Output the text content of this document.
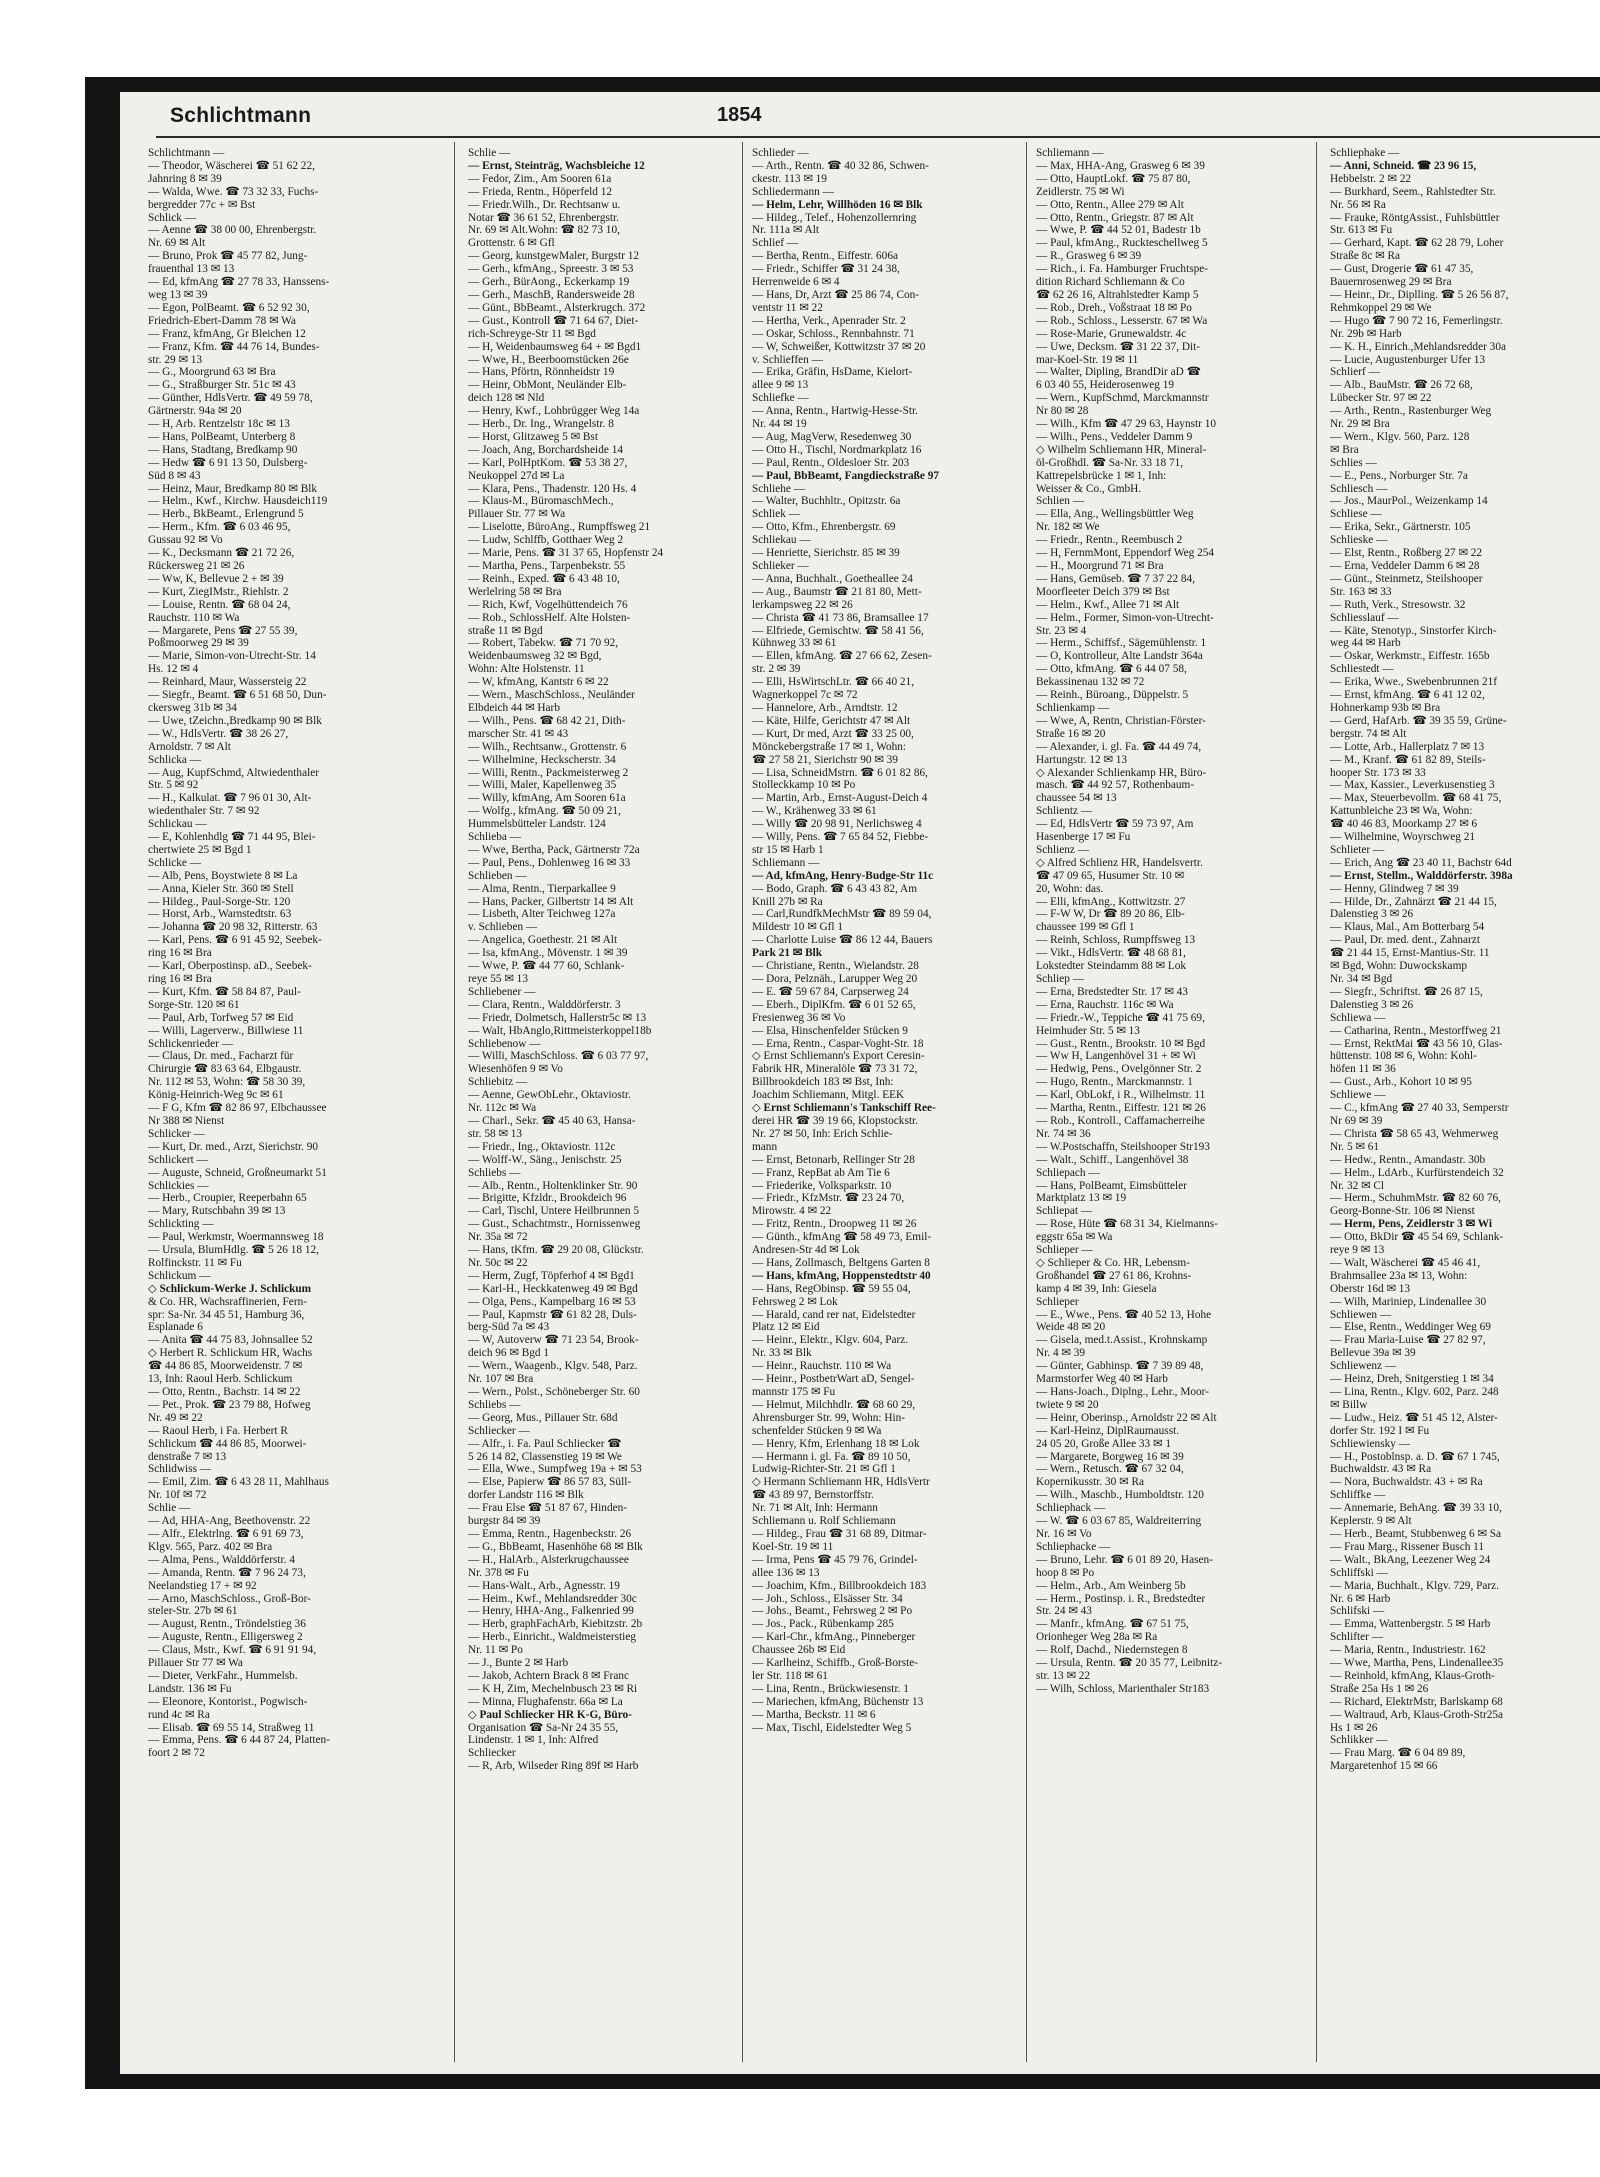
Schlichtmann	1854
Schlichtmann —
— Theodor, Wäscherei ☎ 51 62 22,
Jahnring 8 ✉ 39
— Walda, Wwe. ☎ 73 32 33, Fuchs-
bergredder 77c + ✉ Bst
Schlick —
— Aenne ☎ 38 00 00, Ehrenbergstr.
Nr. 69 ✉ Alt
— Bruno, Prok ☎ 45 77 82, Jung-
frauenthal 13 ✉ 13
— Ed, kfmAng ☎ 27 78 33, Hanssens-
weg 13 ✉ 39
— Egon, PolBeamt. ☎ 6 52 92 30,
Friedrich-Ebert-Damm 78 ✉ Wa
— Franz, kfmAng, Gr Bleichen 12
— Franz, Kfm. ☎ 44 76 14, Bundes-
str. 29 ✉ 13
— G., Moorgrund 63 ✉ Bra
— G., Straßburger Str. 51c ✉ 43
— Günther, HdlsVertr. ☎ 49 59 78,
Gärtnerstr. 94a ✉ 20
— H, Arb. Rentzelstr 18c ✉ 13
— Hans, PolBeamt, Unterberg 8
— Hans, Stadtang, Bredkamp 90
— Hedw ☎ 6 91 13 50, Dulsberg-
Süd 8 ✉ 43
— Heinz, Maur, Bredkamp 80 ✉ Blk
— Helm., Kwf., Kirchw. Hausdeich119
— Herb., BkBeamt., Erlengrund 5
— Herm., Kfm. ☎ 6 03 46 95,
Gussau 92 ✉ Vo
— K., Decksmann ☎ 21 72 26,
Rückersweg 21 ✉ 26
— Ww, K, Bellevue 2 + ✉ 39
— Kurt, ZiegIMstr., Riehlstr. 2
— Louise, Rentn. ☎ 68 04 24,
Rauchstr. 110 ✉ Wa
— Margarete, Pens ☎ 27 55 39,
Poßmoorweg 29 ✉ 39
— Marie, Simon-von-Utrecht-Str. 14
Hs. 12 ✉ 4
— Reinhard, Maur, Wassersteig 22
— Siegfr., Beamt. ☎ 6 51 68 50, Dun-
ckersweg 31b ✉ 34
— Uwe, tZeichn.,Bredkamp 90 ✉ Blk
— W., HdlsVertr. ☎ 38 26 27,
Arnoldstr. 7 ✉ Alt
Schlicka —
— Aug, KupfSchmd, Altwiedenthaler
Str. 5 ✉ 92
— H., Kalkulat. ☎ 7 96 01 30, Alt-
wiedenthaler Str. 7 ✉ 92
Schlickau —
— E, Kohlenhdlg ☎ 71 44 95, Blei-
chertwiete 25 ✉ Bgd 1
Schlicke —
— Alb, Pens, Boystwiete 8 ✉ La
— Anna, Kieler Str. 360 ✉ Stell
— Hildeg., Paul-Sorge-Str. 120
— Horst, Arb., Warnstedtstr. 63
— Johanna ☎ 20 98 32, Ritterstr. 63
— Karl, Pens. ☎ 6 91 45 92, Seebek-
ring 16 ✉ Bra
— Karl, Oberpostinsp. aD., Seebek-
ring 16 ✉ Bra
— Kurt, Kfm. ☎ 58 84 87, Paul-
Sorge-Str. 120 ✉ 61
— Paul, Arb, Torfweg 57 ✉ Eid
— Willi, Lagerverw., Billwiese 11
Schlickenrieder —
— Claus, Dr. med., Facharzt für
Chirurgie ☎ 83 63 64, Elbgaustr.
Nr. 112 ✉ 53, Wohn: ☎ 58 30 39,
König-Heinrich-Weg 9c ✉ 61
— F G, Kfm ☎ 82 86 97, Elbchaussee
Nr 388 ✉ Nienst
Schlicker —
— Kurt, Dr. med., Arzt, Sierichstr. 90
Schlickert —
— Auguste, Schneid, Großneumarkt 51
Schlickies —
— Herb., Croupier, Reeperbahn 65
— Mary, Rutschbahn 39 ✉ 13
Schlickting —
— Paul, Werkmstr, Woermannsweg 18
— Ursula, BlumHdlg. ☎ 5 26 18 12,
Rolfinckstr. 11 ✉ Fu
Schlickum —
◇ Schlickum-Werke J. Schlickum
& Co. HR, Wachsraffinerien, Fern-
spr: Sa-Nr. 34 45 51, Hamburg 36,
Esplanade 6
— Anita ☎ 44 75 83, Johnsallee 52
◇ Herbert R. Schlickum HR, Wachs
☎ 44 86 85, Moorweidenstr. 7 ✉
13, Inh: Raoul Herb. Schlickum
— Otto, Rentn., Bachstr. 14 ✉ 22
— Pet., Prok. ☎ 23 79 88, Hofweg
Nr. 49 ✉ 22
— Raoul Herb, i Fa. Herbert R
Schlickum ☎ 44 86 85, Moorwei-
denstraße 7 ✉ 13
Schlidwiss —
— Emil, Zim. ☎ 6 43 28 11, Mahlhaus
Nr. 10f ✉ 72
Schlie —
— Ad, HHA-Ang, Beethovenstr. 22
— Alfr., Elektrlng. ☎ 6 91 69 73,
Klgv. 565, Parz. 402 ✉ Bra
— Alma, Pens., Walddörferstr. 4
— Amanda, Rentn. ☎ 7 96 24 73,
Neelandstieg 17 + ✉ 92
— Arno, MaschSchloss., Groß-Bor-
steler-Str. 27b ✉ 61
— August, Rentn., Tröndelstieg 36
— Auguste, Rentn., Elligersweg 2
— Claus, Mstr., Kwf. ☎ 6 91 91 94,
Pillauer Str 77 ✉ Wa
— Dieter, VerkFahr., Hummelsb.
Landstr. 136 ✉ Fu
— Eleonore, Kontorist., Pogwisch-
rund 4c ✉ Ra
— Elisab. ☎ 69 55 14, Straßweg 11
— Emma, Pens. ☎ 6 44 87 24, Platten-
foort 2 ✉ 72
Schlie —
— Ernst, Steinträg, Wachsbleiche 12
— Fedor, Zim., Am Sooren 61a
— Frieda, Rentn., Höperfeld 12
— Friedr.Wilh., Dr. Rechtsanw u.
Notar ☎ 36 61 52, Ehrenbergstr.
Nr. 69 ✉ Alt.Wohn: ☎ 82 73 10,
Grottenstr. 6 ✉ Gfl
— Georg, kunstgewMaler, Burgstr 12
— Gerh., kfmAng., Spreestr. 3 ✉ 53
— Gerh., BürAong., Eckerkamp 19
— Gerh., MaschB, Randersweide 28
— Günt., BbBeamt., Alsterkrugch. 372
— Gust., Kontroll ☎ 71 64 67, Diet-
rich-Schreyge-Str 11 ✉ Bgd
— H, Weidenbaumsweg 64 + ✉ Bgd1
— Wwe, H., Beerboomstücken 26e
— Hans, Pförtn, Rönnheidstr 19
— Heinr, ObMont, Neuländer Elb-
deich 128 ✉ Nld
— Henry, Kwf., Lohbrügger Weg 14a
— Herb., Dr. Ing., Wrangelstr. 8
— Horst, Glitzaweg 5 ✉ Bst
— Joach, Ang, Borchardsheide 14
— Karl, PolHptKom. ☎ 53 38 27,
Neukoppel 27d ✉ La
— Klara, Pens., Thadenstr. 120 Hs. 4
— Klaus-M., BüromaschMech.,
Pillauer Str. 77 ✉ Wa
— Liselotte, BüroAng., Rumpffsweg 21
— Ludw, Schlffb, Gotthaer Weg 2
— Marie, Pens. ☎ 31 37 65, Hopfenstr 24
— Martha, Pens., Tarpenbekstr. 55
— Reinh., Exped. ☎ 6 43 48 10,
Werlelring 58 ✉ Bra
— Rich, Kwf, Vogelhüttendeich 76
— Rob., SchlossHelf. Alte Holsten-
straße 11 ✉ Bgd
— Robert, Tabekw. ☎ 71 70 92,
Weidenbaumsweg 32 ✉ Bgd,
Wohn: Alte Holstenstr. 11
— W, kfmAng, Kantstr 6 ✉ 22
— Wern., MaschSchloss., Neuländer
Elbdeich 44 ✉ Harb
— Wilh., Pens. ☎ 68 42 21, Dith-
marscher Str. 41 ✉ 43
— Wilh., Rechtsanw., Grottenstr. 6
— Wilhelmine, Heckscherstr. 34
— Willi, Rentn., Packmeisterweg 2
— Willi, Maler, Kapellenweg 35
— Willy, kfmAng, Am Sooren 61a
— Wolfg., kfmAng. ☎ 50 09 21,
Hummelsbütteler Landstr. 124
Schlieba —
— Wwe, Bertha, Pack, Gärtnerstr 72a
— Paul, Pens., Dohlenweg 16 ✉ 33
Schlieben —
— Alma, Rentn., Tierparkallee 9
— Hans, Packer, Gilbertstr 14 ✉ Alt
— Lisbeth, Alter Teichweg 127a
v. Schlieben —
— Angelica, Goethestr. 21 ✉ Alt
— Isa, kfmAng., Mövenstr. 1 ✉ 39
— Wwe, P. ☎ 44 77 60, Schlank-
reye 55 ✉ 13
Schliebener —
— Clara, Rentn., Walddörferstr. 3
— Friedr, Dolmetsch, Hallerstr5c ✉ 13
— Walt, HbAnglo,Rittmeisterkoppel18b
Schliebenow —
— Willi, MaschSchloss. ☎ 6 03 77 97,
Wiesenhöfen 9 ✉ Vo
Schliebitz —
— Aenne, GewObLehr., Oktaviostr.
Nr. 112c ✉ Wa
— Charl., Sekr. ☎ 45 40 63, Hansa-
str. 58 ✉ 13
— Friedr., Ing., Oktaviostr. 112c
— Wolff-W., Säng., Jenischstr. 25
Schliebs —
— Alb., Rentn., Holtenklinker Str. 90
— Brigitte, Kfzldr., Brookdeich 96
— Carl, Tischl, Untere Heilbrunnen 5
— Gust., Schachtmstr., Hornissenweg
Nr. 35a ✉ 72
— Hans, tKfm. ☎ 29 20 08, Glückstr.
Nr. 50c ✉ 22
— Herm, Zugf, Töpferhof 4 ✉ Bgd1
— Karl-H., Heckkatenweg 49 ✉ Bgd
— Olga, Pens., Kampelbarg 16 ✉ 53
— Paul, Kapmstr ☎ 61 82 28, Duls-
berg-Süd 7a ✉ 43
— W, Autoverw ☎ 71 23 54, Brook-
deich 96 ✉ Bgd 1
— Wern., Waagenb., Klgv. 548, Parz.
Nr. 107 ✉ Bra
— Wern., Polst., Schöneberger Str. 60
Schliebs —
— Georg, Mus., Pillauer Str. 68d
Schliecker —
— Alfr., i. Fa. Paul Schliecker ☎
5 26 14 82, Classenstieg 19 ✉ We
— Ella, Wwe., Sumpfweg 19a + ✉ 53
— Else, Papierw ☎ 86 57 83, Süll-
dorfer Landstr 116 ✉ Blk
— Frau Else ☎ 51 87 67, Hinden-
burgstr 84 ✉ 39
— Emma, Rentn., Hagenbeckstr. 26
— G., BbBeamt, Hasenhöhe 68 ✉ Blk
— H., HalArb., Alsterkrugchaussee
Nr. 378 ✉ Fu
— Hans-Walt., Arb., Agnesstr. 19
— Heim., Kwf., Mehlandsredder 30c
— Henry, HHA-Ang., Falkenried 99
— Herb, graphFachArb, Kiebitzstr. 2b
— Herb., Einricht., Waldmeisterstieg
Nr. 11 ✉ Po
— J., Bunte 2 ✉ Harb
— Jakob, Achtern Brack 8 ✉ Franc
— K H, Zim, Mechelnbusch 23 ✉ Ri
— Minna, Flughafenstr. 66a ✉ La
◇ Paul Schliecker HR K-G, Büro-
Organisation ☎ Sa-Nr 24 35 55,
Lindenstr. 1 ✉ 1, Inh: Alfred
Schliecker
— R, Arb, Wilseder Ring 89f ✉ Harb
Schlieder —
— Arth., Rentn. ☎ 40 32 86, Schwen-
ckestr. 113 ✉ 19
Schliedermann —
— Helm, Lehr, Willhöden 16 ✉ Blk
— Hildeg., Telef., Hohenzollernring
Nr. 111a ✉ Alt
Schlief —
— Bertha, Rentn., Eiffestr. 606a
— Friedr., Schiffer ☎ 31 24 38,
Herrenweide 6 ✉ 4
— Hans, Dr, Arzt ☎ 25 86 74, Con-
ventstr 11 ✉ 22
— Hertha, Verk., Apenrader Str. 2
— Oskar, Schloss., Rennbahnstr. 71
— W, Schweißer, Kottwitzstr 37 ✉ 20
v. Schlieffen —
— Erika, Gräfin, HsDame, Kielort-
allee 9 ✉ 13
Schliefke —
— Anna, Rentn., Hartwig-Hesse-Str.
Nr. 44 ✉ 19
— Aug, MagVerw, Resedenweg 30
— Otto H., Tischl, Nordmarkplatz 16
— Paul, Rentn., Oldesloer Str. 203
— Paul, BbBeamt, Fangdieckstraße 97
Schliehe —
— Walter, Buchhltr., Opitzstr. 6a
Schliek —
— Otto, Kfm., Ehrenbergstr. 69
Schliekau —
— Henriette, Sierichstr. 85 ✉ 39
Schlieker —
— Anna, Buchhalt., Goetheallee 24
— Aug., Baumstr ☎ 21 81 80, Mett-
lerkampsweg 22 ✉ 26
— Christa ☎ 41 73 86, Bramsallee 17
— Elfriede, Gemischtw. ☎ 58 41 56,
Kühnweg 33 ✉ 61
— Ellen, kfmAng. ☎ 27 66 62, Zesen-
str. 2 ✉ 39
— Elli, HsWirtschLtr. ☎ 66 40 21,
Wagnerkoppel 7c ✉ 72
— Hannelore, Arb., Arndtstr. 12
— Käte, Hilfe, Gerichtstr 47 ✉ Alt
— Kurt, Dr med, Arzt ☎ 33 25 00,
Mönckebergstraße 17 ✉ 1, Wohn:
☎ 27 58 21, Sierichstr 90 ✉ 39
— Lisa, SchneidMstrn. ☎ 6 01 82 86,
Stolleckkamp 10 ✉ Po
— Martin, Arb., Ernst-August-Deich 4
— W., Krähenweg 33 ✉ 61
— Willy ☎ 20 98 91, Nerlichsweg 4
— Willy, Pens. ☎ 7 65 84 52, Fiebbe-
str 15 ✉ Harb 1
Schliemann —
— Ad, kfmAng, Henry-Budge-Str 11c
— Bodo, Graph. ☎ 6 43 43 82, Am
Knill 27b ✉ Ra
— Carl,RundfkMechMstr ☎ 89 59 04,
Mildestr 10 ✉ Gfl 1
— Charlotte Luise ☎ 86 12 44, Bauers
Park 21 ✉ Blk
— Christiane, Rentn., Wielandstr. 28
— Dora, Pelznäh., Larupper Weg 20
— E. ☎ 59 67 84, Carpserweg 24
— Eberh., DiplKfm. ☎ 6 01 52 65,
Fresienweg 36 ✉ Vo
— Elsa, Hinschenfelder Stücken 9
— Erna, Rentn., Caspar-Voght-Str. 18
◇ Ernst Schliemann's Export Ceresin-
Fabrik HR, Mineralöle ☎ 73 31 72,
Billbrookdeich 183 ✉ Bst, Inh:
Joachim Schliemann, Mitgl. EEK
◇ Ernst Schliemann's Tankschiff Ree-
derei HR ☎ 39 19 66, Klopstockstr.
Nr. 27 ✉ 50, Inh: Erich Schlie-
mann
— Ernst, Betonarb, Rellinger Str 28
— Franz, RepBat ab Am Tie 6
— Friederike, Volksparkstr. 10
— Friedr., KfzMstr. ☎ 23 24 70,
Mirowstr. 4 ✉ 22
— Fritz, Rentn., Droopweg 11 ✉ 26
— Günth., kfmAng ☎ 58 49 73, Emil-
Andresen-Str 4d ✉ Lok
— Hans, Zollmasch, Beltgens Garten 8
— Hans, kfmAng, Hoppenstedtstr 40
— Hans, RegObinsp. ☎ 59 55 04,
Fehrsweg 2 ✉ Lok
— Harald, cand rer nat, Eidelstedter
Platz 12 ✉ Eid
— Heinr., Elektr., Klgv. 604, Parz.
Nr. 33 ✉ Blk
— Heinr., Rauchstr. 110 ✉ Wa
— Heinr., PostbetrWart aD, Sengel-
mannstr 175 ✉ Fu
— Helmut, Milchhdlr. ☎ 68 60 29,
Ahrensburger Str. 99, Wohn: Hin-
schenfelder Stücken 9 ✉ Wa
— Henry, Kfm, Erlenhang 18 ✉ Lok
— Hermann i. gl. Fa. ☎ 89 10 50,
Ludwig-Richter-Str. 21 ✉ Gfl 1
◇ Hermann Schliemann HR, HdlsVertr
☎ 43 89 97, Bernstorffstr.
Nr. 71 ✉ Alt, Inh: Hermann
Schliemann u. Rolf Schliemann
— Hildeg., Frau ☎ 31 68 89, Ditmar-
Koel-Str. 19 ✉ 11
— Irma, Pens ☎ 45 79 76, Grindel-
allee 136 ✉ 13
— Joachim, Kfm., Billbrookdeich 183
— Joh., Schloss., Elsässer Str. 34
— Johs., Beamt., Fehrsweg 2 ✉ Po
— Jos., Pack., Rübenkamp 285
— Karl-Chr., kfmAng., Pinneberger
Chaussee 26b ✉ Eid
— Karlheinz, Schiffb., Groß-Borste-
ler Str. 118 ✉ 61
— Lina, Rentn., Brückwiesenstr. 1
— Mariechen, kfmAng, Büchenstr 13
— Martha, Beckstr. 11 ✉ 6
— Max, Tischl, Eidelstedter Weg 5
Schliemann —
— Max, HHA-Ang, Grasweg 6 ✉ 39
— Otto, HauptLokf. ☎ 75 87 80,
Zeidlerstr. 75 ✉ Wi
— Otto, Rentn., Allee 279 ✉ Alt
— Otto, Rentn., Griegstr. 87 ✉ Alt
— Wwe, P. ☎ 44 52 01, Badestr 1b
— Paul, kfmAng., Ruckteschellweg 5
— R., Grasweg 6 ✉ 39
— Rich., i. Fa. Hamburger Fruchtspe-
dition Richard Schliemann & Co
☎ 62 26 16, Altrahlstedter Kamp 5
— Rob., Dreh., Voßstraat 18 ✉ Po
— Rob., Schloss., Lesserstr. 67 ✉ Wa
— Rose-Marie, Grunewaldstr. 4c
— Uwe, Decksm. ☎ 31 22 37, Dit-
mar-Koel-Str. 19 ✉ 11
— Walter, Dipling, BrandDir aD ☎
6 03 40 55, Heiderosenweg 19
— Wern., KupfSchmd, Marckmannstr
Nr 80 ✉ 28
— Wilh., Kfm ☎ 47 29 63, Haynstr 10
— Wilh., Pens., Veddeler Damm 9
◇ Wilhelm Schliemann HR, Mineral-
öl-Großhdl. ☎ Sa-Nr. 33 18 71,
Kattrepelsbrücke 1 ✉ 1, Inh:
Weisser & Co., GmbH.
Schlien —
— Ella, Ang., Wellingsbüttler Weg
Nr. 182 ✉ We
— Friedr., Rentn., Reembusch 2
— H, FernmMont, Eppendorf Weg 254
— H., Moorgrund 71 ✉ Bra
— Hans, Gemüseb. ☎ 7 37 22 84,
Moorfleeter Deich 379 ✉ Bst
— Helm., Kwf., Allee 71 ✉ Alt
— Helm., Former, Simon-von-Utrecht-
Str. 23 ✉ 4
— Herm., Schiffsf., Sägemühlenstr. 1
— O, Kontrolleur, Alte Landstr 364a
— Otto, kfmAng. ☎ 6 44 07 58,
Bekassinenau 132 ✉ 72
— Reinh., Büroang., Düppelstr. 5
Schlienkamp —
— Wwe, A, Rentn, Christian-Förster-
Straße 16 ✉ 20
— Alexander, i. gl. Fa. ☎ 44 49 74,
Hartungstr. 12 ✉ 13
◇ Alexander Schlienkamp HR, Büro-
masch. ☎ 44 92 57, Rothenbaum-
chaussee 54 ✉ 13
Schlientz —
— Ed, HdlsVertr ☎ 59 73 97, Am
Hasenberge 17 ✉ Fu
Schlienz —
◇ Alfred Schlienz HR, Handelsvertr.
☎ 47 09 65, Husumer Str. 10 ✉
20, Wohn: das.
— Elli, kfmAng., Kottwitzstr. 27
— F-W W, Dr ☎ 89 20 86, Elb-
chaussee 199 ✉ Gfl 1
— Reinh, Schloss, Rumpffsweg 13
— Vikt., HdlsVertr. ☎ 48 68 81,
Lokstedter Steindamm 88 ✉ Lok
Schliep —
— Erna, Bredstedter Str. 17 ✉ 43
— Erna, Rauchstr. 116c ✉ Wa
— Friedr.-W., Teppiche ☎ 41 75 69,
Heimhuder Str. 5 ✉ 13
— Gust., Rentn., Brookstr. 10 ✉ Bgd
— Ww H, Langenhövel 31 + ✉ Wi
— Hedwig, Pens., Ovelgönner Str. 2
— Hugo, Rentn., Marckmannstr. 1
— Karl, ObLokf, i R., Wilhelmstr. 11
— Martha, Rentn., Eiffestr. 121 ✉ 26
— Rob., Kontroll., Caffamacherreihe
Nr. 74 ✉ 36
— W.Postschaffn, Steilshooper Str193
— Walt., Schiff., Langenhövel 38
Schliepach —
— Hans, PolBeamt, Eimsbütteler
Marktplatz 13 ✉ 19
Schliepat —
— Rose, Hüte ☎ 68 31 34, Kielmanns-
eggstr 65a ✉ Wa
Schlieper —
◇ Schlieper & Co. HR, Lebensm-
Großhandel ☎ 27 61 86, Krohns-
kamp 4 ✉ 39, Inh: Giesela
Schlieper
— E., Wwe., Pens. ☎ 40 52 13, Hohe
Weide 48 ✉ 20
— Gisela, med.t.Assist., Krohnskamp
Nr. 4 ✉ 39
— Günter, Gabhinsp. ☎ 7 39 89 48,
Marmstorfer Weg 40 ✉ Harb
— Hans-Joach., Diplng., Lehr., Moor-
twiete 9 ✉ 20
— Heinr, Oberinsp., Arnoldstr 22 ✉ Alt
— Karl-Heinz, DiplRaumausst.
24 05 20, Große Allee 33 ✉ 1
— Margarete, Borgweg 16 ✉ 39
— Wern., Retusch. ☎ 67 32 04,
Kopernikusstr. 30 ✉ Ra
— Wilh., Maschb., Humboldtstr. 120
Schliephack —
— W. ☎ 6 03 67 85, Waldreiterring
Nr. 16 ✉ Vo
Schliephacke —
— Bruno, Lehr. ☎ 6 01 89 20, Hasen-
hoop 8 ✉ Po
— Helm., Arb., Am Weinberg 5b
— Herm., Postinsp. i. R., Bredstedter
Str. 24 ✉ 43
— Manfr., kfmAng. ☎ 67 51 75,
Orionheger Weg 28a ✉ Ra
— Rolf, Dachd., Niedernstegen 8
— Ursula, Rentn. ☎ 20 35 77, Leibnitz-
str. 13 ✉ 22
— Wilh, Schloss, Marienthaler Str183
Schliephake —
— Anni, Schneid. ☎ 23 96 15,
Hebbelstr. 2 ✉ 22
— Burkhard, Seem., Rahlstedter Str.
Nr. 56 ✉ Ra
— Frauke, RöntgAssist., Fuhlsbüttler
Str. 613 ✉ Fu
— Gerhard, Kapt. ☎ 62 28 79, Loher
Straße 8c ✉ Ra
— Gust, Drogerie ☎ 61 47 35,
Bauernrosenweg 29 ✉ Bra
— Heinr., Dr., Diplling. ☎ 5 26 56 87,
Rehmkoppel 29 ✉ We
— Hugo ☎ 7 90 72 16, Femerlingstr.
Nr. 29b ✉ Harb
— K. H., Einrich.,Mehlandsredder 30a
— Lucie, Augustenburger Ufer 13
Schlierf —
— Alb., BauMstr. ☎ 26 72 68,
Lübecker Str. 97 ✉ 22
— Arth., Rentn., Rastenburger Weg
Nr. 29 ✉ Bra
— Wern., Klgv. 560, Parz. 128
✉ Bra
Schlies —
— E., Pens., Norburger Str. 7a
Schliesch —
— Jos., MaurPol., Weizenkamp 14
Schliese —
— Erika, Sekr., Gärtnerstr. 105
Schlieske —
— Elst, Rentn., Roßberg 27 ✉ 22
— Erna, Veddeler Damm 6 ✉ 28
— Günt., Steinmetz, Steilshooper
Str. 163 ✉ 33
— Ruth, Verk., Stresowstr. 32
Schliesslauf —
— Käte, Stenotyp., Sinstorfer Kirch-
weg 44 ✉ Harb
— Oskar, Werkmstr., Eiffestr. 165b
Schliestedt —
— Erika, Wwe., Swebenbrunnen 21f
— Ernst, kfmAng. ☎ 6 41 12 02,
Hohnerkamp 93b ✉ Bra
— Gerd, HafArb. ☎ 39 35 59, Grüne-
bergstr. 74 ✉ Alt
— Lotte, Arb., Hallerplatz 7 ✉ 13
— M., Kranf. ☎ 61 82 89, Steils-
hooper Str. 173 ✉ 33
— Max, Kassier., Leverkusenstieg 3
— Max, Steuerbevollm. ☎ 68 41 75,
Kattunbleiche 23 ✉ Wa, Wohn:
☎ 40 46 83, Moorkamp 27 ✉ 6
— Wilhelmine, Woyrschweg 21
Schlieter —
— Erich, Ang ☎ 23 40 11, Bachstr 64d
— Ernst, Stellm., Walddörferstr. 398a
— Henny, Glindweg 7 ✉ 39
— Hilde, Dr., Zahnärzt ☎ 21 44 15,
Dalenstieg 3 ✉ 26
— Klaus, Mal., Am Botterbarg 54
— Paul, Dr. med. dent., Zahnarzt
☎ 21 44 15, Ernst-Mantius-Str. 11
✉ Bgd, Wohn: Duwockskamp
Nr. 34 ✉ Bgd
— Siegfr., Schriftst. ☎ 26 87 15,
Dalenstieg 3 ✉ 26
Schliewa —
— Catharina, Rentn., Mestorffweg 21
— Ernst, RektMai ☎ 43 56 10, Glas-
hüttenstr. 108 ✉ 6, Wohn: Kohl-
höfen 11 ✉ 36
— Gust., Arb., Kohort 10 ✉ 95
Schliewe —
— C., kfmAng ☎ 27 40 33, Semperstr
Nr 69 ✉ 39
— Christa ☎ 58 65 43, Wehmerweg
Nr. 5 ✉ 61
— Hedw., Rentn., Amandastr. 30b
— Helm., LdArb., Kurfürstendeich 32
Nr. 32 ✉ Cl
— Herm., SchuhmMstr. ☎ 82 60 76,
Georg-Bonne-Str. 106 ✉ Nienst
— Herm, Pens, Zeidlerstr 3 ✉ Wi
— Otto, BkDir ☎ 45 54 69, Schlank-
reye 9 ✉ 13
— Walt, Wäscherei ☎ 45 46 41,
Brahmsallee 23a ✉ 13, Wohn:
Oberstr 16d ✉ 13
— Wilh, Mariniер, Lindenallee 30
Schliewen —
— Else, Rentn., Weddinger Weg 69
— Frau Maria-Luise ☎ 27 82 97,
Bellevue 39a ✉ 39
Schliewenz —
— Heinz, Dreh, Snitgerstieg 1 ✉ 34
— Lina, Rentn., Klgv. 602, Parz. 248
✉ Billw
— Ludw., Heiz. ☎ 51 45 12, Alster-
dorfer Str. 192 I ✉ Fu
Schliewiensky —
— H., Postoblnsp. a. D. ☎ 67 1 745,
Buchwaldstr. 43 ✉ Ra
— Nora, Buchwaldstr. 43 + ✉ Ra
Schliffke —
— Annemarie, BehAng. ☎ 39 33 10,
Keplerstr. 9 ✉ Alt
— Herb., Beamt, Stubbenweg 6 ✉ Sa
— Frau Marg., Rissener Busch 11
— Walt., BkAng, Leezener Weg 24
Schliffski —
— Maria, Buchhalt., Klgv. 729, Parz.
Nr. 6 ✉ Harb
Schlifski —
— Emma, Wattenbergstr. 5 ✉ Harb
Schlifter —
— Maria, Rentn., Industriestr. 162
— Wwe, Martha, Pens, Lindenallee35
— Reinhold, kfmAng, Klaus-Groth-
Straße 25a Hs 1 ✉ 26
— Richard, ElektrMstr, Barlskamp 68
— Waltraud, Arb, Klaus-Groth-Str25a
Hs 1 ✉ 26
Schlikker —
— Frau Marg. ☎ 6 04 89 89,
Margaretenhof 15 ✉ 66
